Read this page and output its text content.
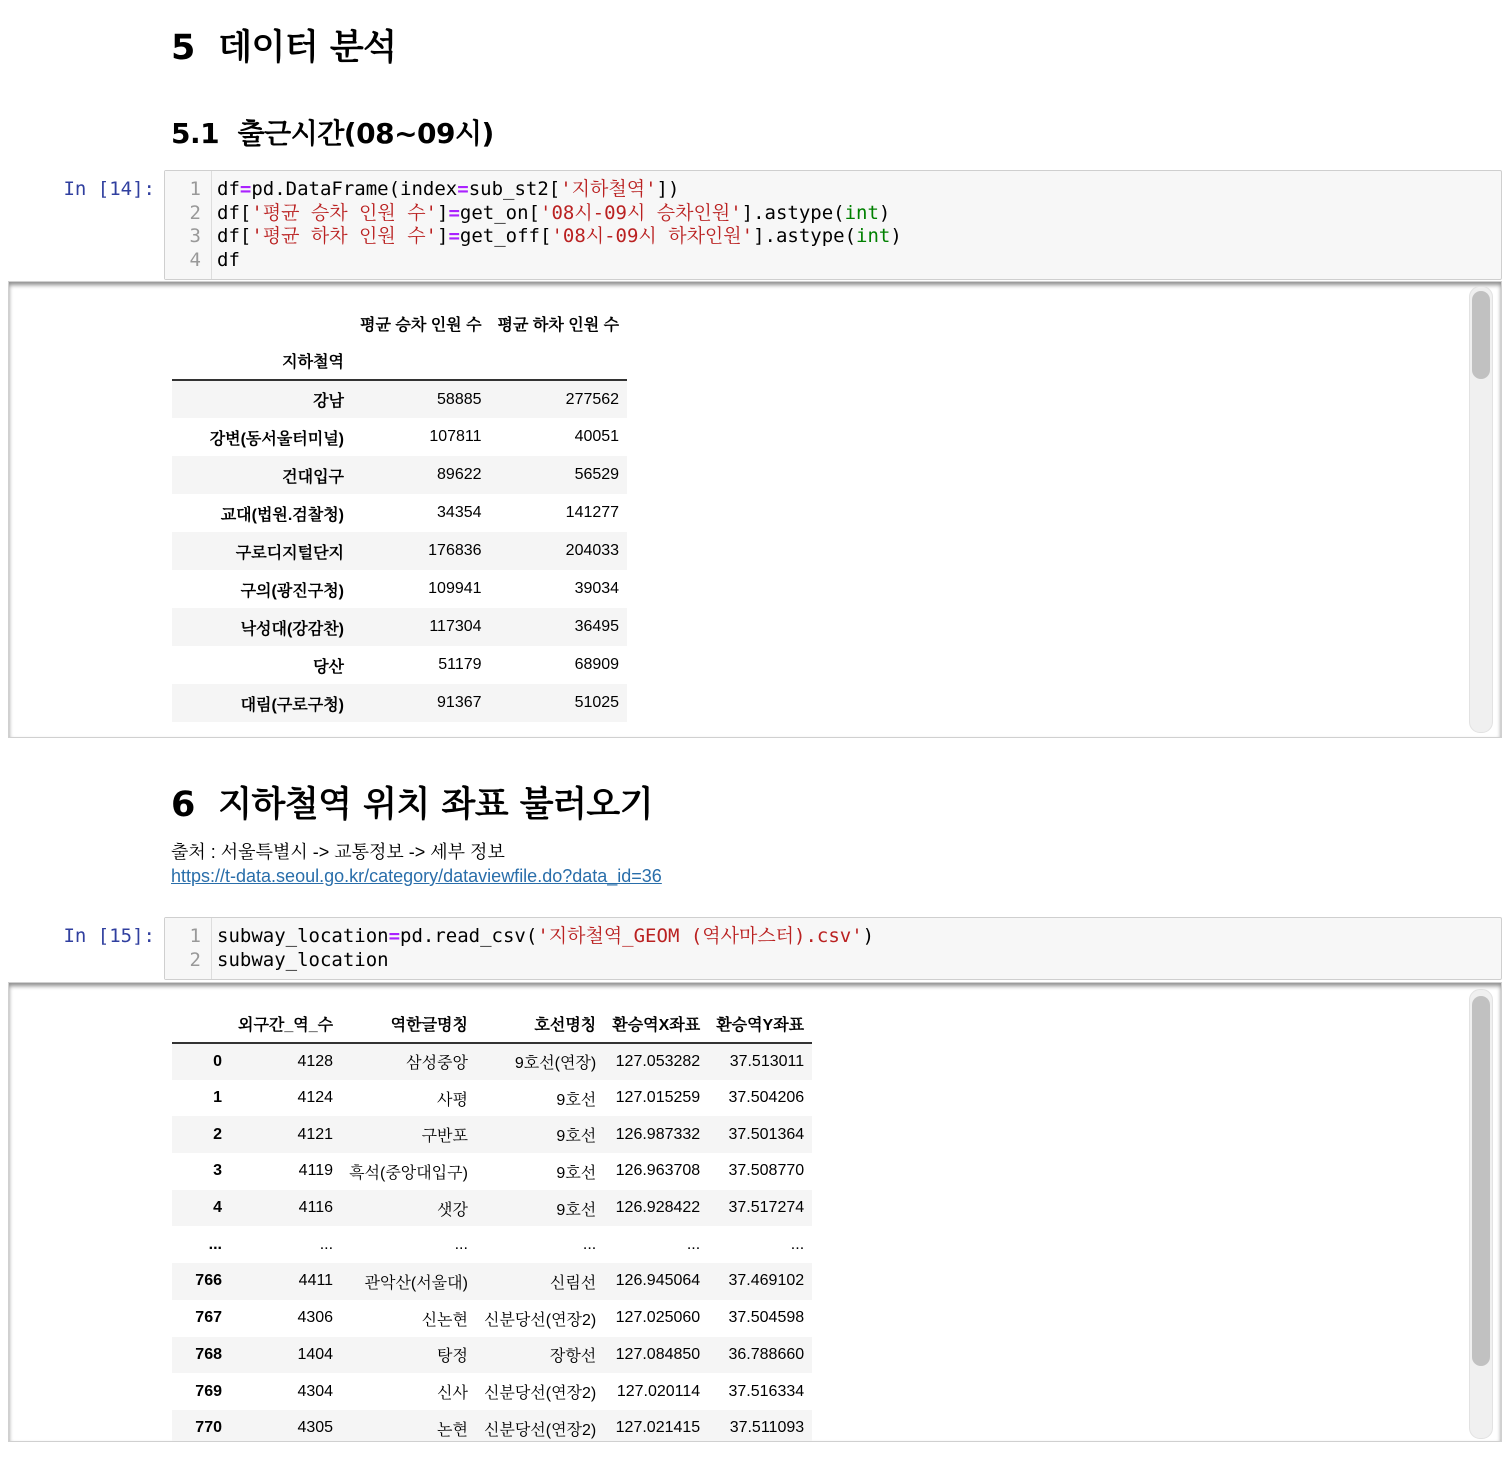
5 데이터 분석
5.1 출근시간(08~09시)
In [14]:	1
2
3
4
df=pd.DataFrame(index=sub_st2['지하철역'])
df['평균 승차 인원 수']=get_on['08시-09시 승차인원'].astype(int)
df['평균 하차 인원 수']=get_off['08시-09시 하차인원'].astype(int)
df
	평균 승차 인원 수	평균 하차 인원 수
지하철역		
강남	58885	277562
강변(동서울터미널)	107811	40051
건대입구	89622	56529
교대(법원.검찰청)	34354	141277
구로디지털단지	176836	204033
구의(광진구청)	109941	39034
낙성대(강감찬)	117304	36495
당산	51179	68909
대림(구로구청)	91367	51025
6 지하철역 위치 좌표 불러오기
출처 : 서울특별시 -> 교통정보 -> 세부 정보
https://t-data.seoul.go.kr/category/dataviewfile.do?data_id=36
In [15]:	1
2
subway_location=pd.read_csv('지하철역_GEOM (역사마스터).csv')
subway_location
	외구간_역_수	역한글명칭	호선명칭	환승역X좌표	환승역Y좌표
0	4128	삼성중앙	9호선(연장)	127.053282	37.513011
1	4124	사평	9호선	127.015259	37.504206
2	4121	구반포	9호선	126.987332	37.501364
3	4119	흑석(중앙대입구)	9호선	126.963708	37.508770
4	4116	샛강	9호선	126.928422	37.517274
...	...	...	...	...	...
766	4411	관악산(서울대)	신림선	126.945064	37.469102
767	4306	신논현	신분당선(연장2)	127.025060	37.504598
768	1404	탕정	장항선	127.084850	36.788660
769	4304	신사	신분당선(연장2)	127.020114	37.516334
770	4305	논현	신분당선(연장2)	127.021415	37.511093
